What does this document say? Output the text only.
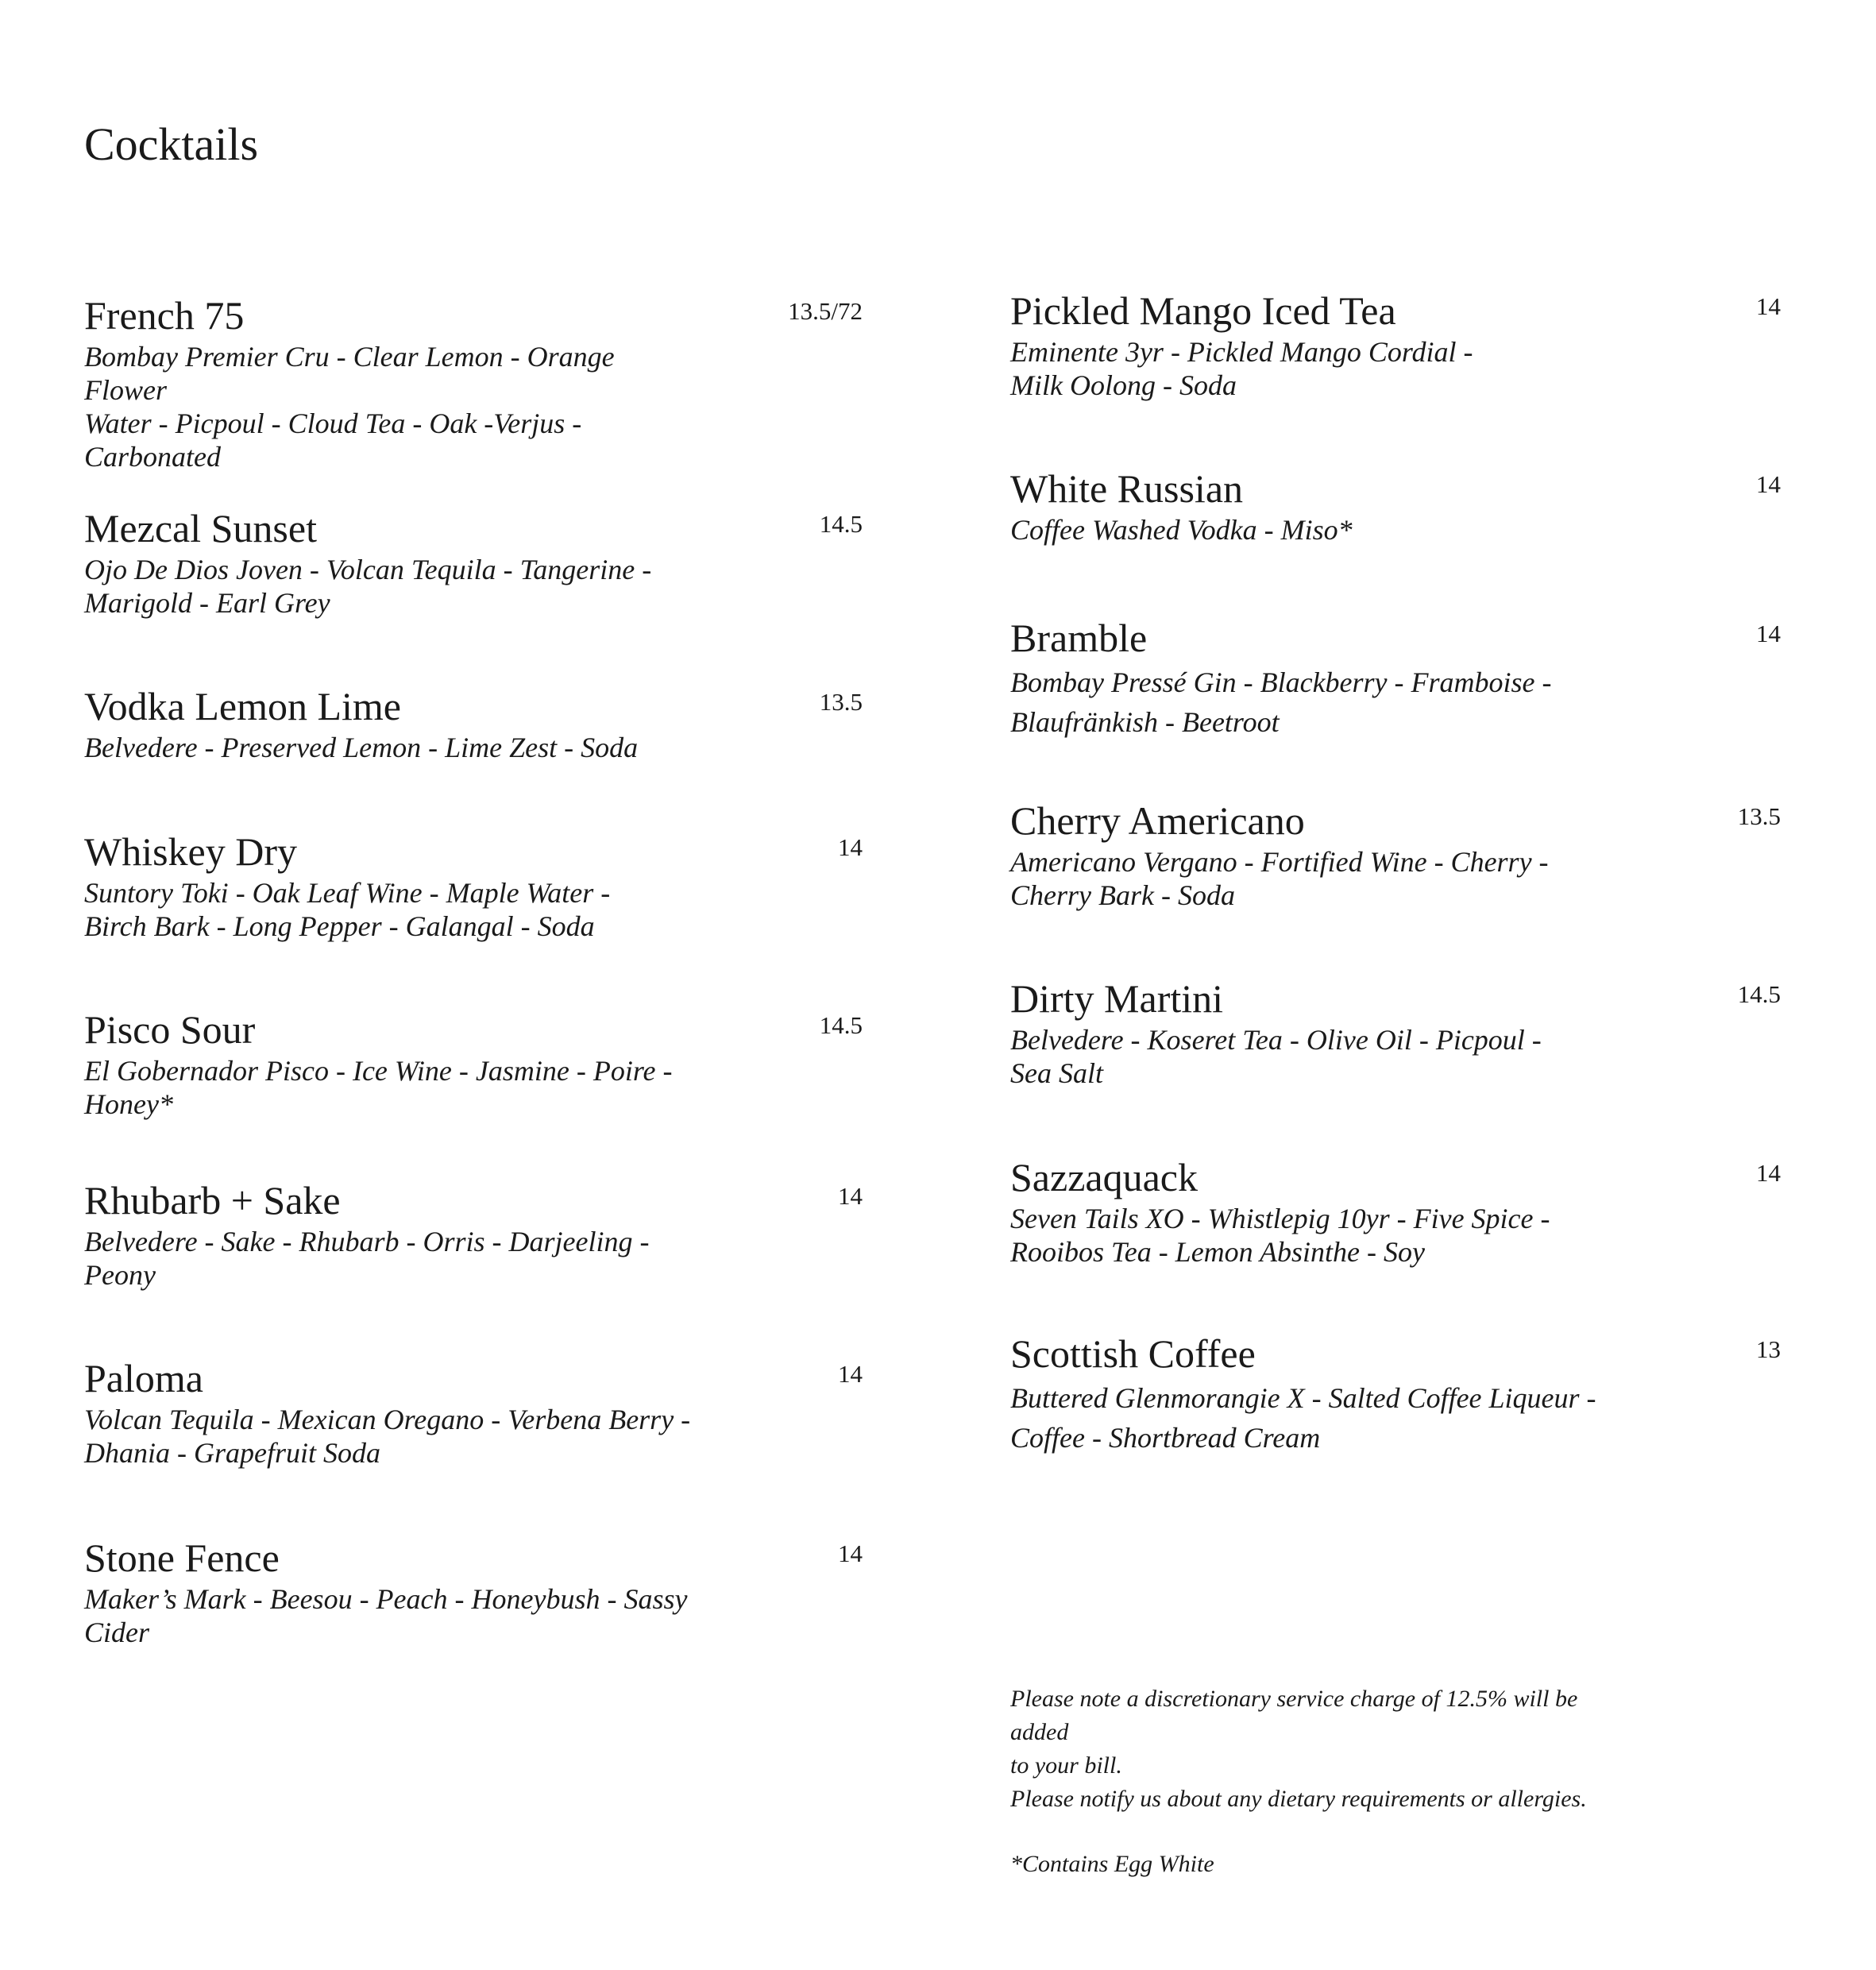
Cocktails
French 75	13.5/72
Bombay Premier Cru - Clear Lemon - Orange Flower
Water - Picpoul - Cloud Tea - Oak -Verjus -
Carbonated
Mezcal Sunset	14.5
Ojo De Dios Joven - Volcan Tequila - Tangerine -
Marigold - Earl Grey
Vodka Lemon Lime	13.5
Belvedere - Preserved Lemon - Lime Zest - Soda
Whiskey Dry	14
Suntory Toki - Oak Leaf Wine - Maple Water -
Birch Bark - Long Pepper - Galangal - Soda
Pisco Sour	14.5
El Gobernador Pisco - Ice Wine - Jasmine - Poire -
Honey*
Rhubarb + Sake	14
Belvedere - Sake - Rhubarb - Orris - Darjeeling -
Peony
Paloma	14
Volcan Tequila - Mexican Oregano - Verbena Berry -
Dhania - Grapefruit Soda
Stone Fence	14
Maker’s Mark - Beesou - Peach - Honeybush - Sassy
Cider
Pickled Mango Iced Tea	14
Eminente 3yr - Pickled Mango Cordial -
Milk Oolong - Soda
White Russian	14
Coffee Washed Vodka - Miso*
Bramble	14
Bombay Pressé Gin - Blackberry - Framboise -
Blaufränkish - Beetroot
Cherry Americano	13.5
Americano Vergano - Fortified Wine - Cherry -
Cherry Bark - Soda
Dirty Martini	14.5
Belvedere - Koseret Tea - Olive Oil - Picpoul -
Sea Salt
Sazzaquack	14
Seven Tails XO - Whistlepig 10yr - Five Spice -
Rooibos Tea - Lemon Absinthe - Soy
Scottish Coffee	13
Buttered Glenmorangie X - Salted Coffee Liqueur -
Coffee - Shortbread Cream

Please note a discretionary service charge of 12.5% will be added
to your bill.

Please notify us about any dietary requirements or allergies.

*Contains Egg White
